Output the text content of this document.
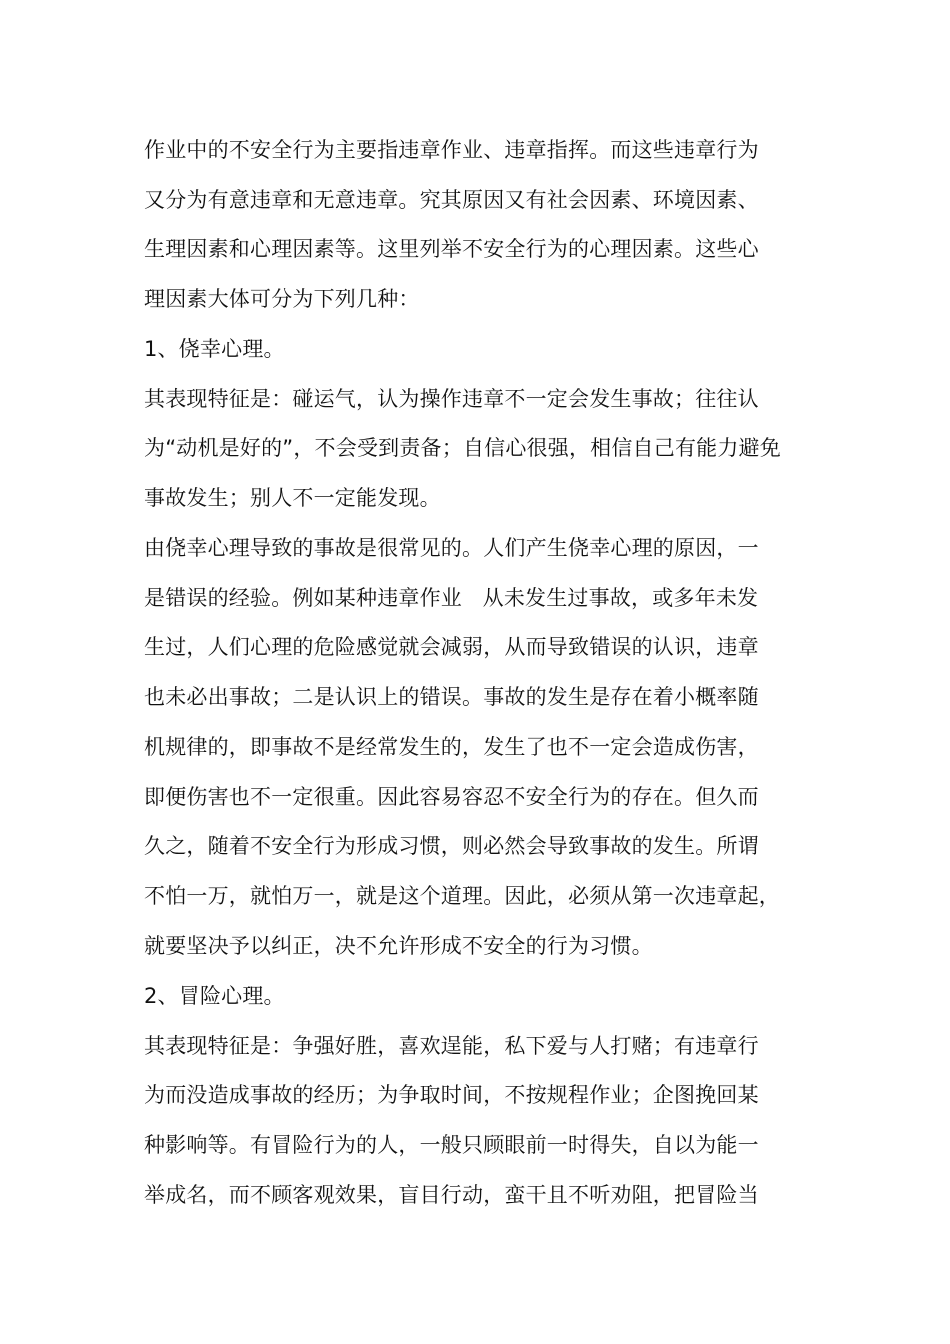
作业中的不安全行为主要指违章作业、违章指挥。而这些违章行为
又分为有意违章和无意违章。究其原因又有社会因素、环境因素、
生理因素和心理因素等。这里列举不安全行为的心理因素。这些心
理因素大体可分为下列几种：
1、侥幸心理。
其表现特征是：碰运气，认为操作违章不一定会发生事故；往往认
为“动机是好的”，不会受到责备；自信心很强，相信自己有能力避免
事故发生；别人不一定能发现。
由侥幸心理导致的事故是很常见的。人们产生侥幸心理的原因，一
是错误的经验。例如某种违章作业   从未发生过事故，或多年未发
生过，人们心理的危险感觉就会减弱，从而导致错误的认识，违章
也未必出事故；二是认识上的错误。事故的发生是存在着小概率随
机规律的，即事故不是经常发生的，发生了也不一定会造成伤害，
即便伤害也不一定很重。因此容易容忍不安全行为的存在。但久而
久之，随着不安全行为形成习惯，则必然会导致事故的发生。所谓
不怕一万，就怕万一，就是这个道理。因此，必须从第一次违章起，
就要坚决予以纠正，决不允许形成不安全的行为习惯。
2、冒险心理。
其表现特征是：争强好胜，喜欢逞能，私下爱与人打赌；有违章行
为而没造成事故的经历；为争取时间，不按规程作业；企图挽回某
种影响等。有冒险行为的人，一般只顾眼前一时得失，自以为能一
举成名，而不顾客观效果，盲目行动，蛮干且不听劝阻，把冒险当
